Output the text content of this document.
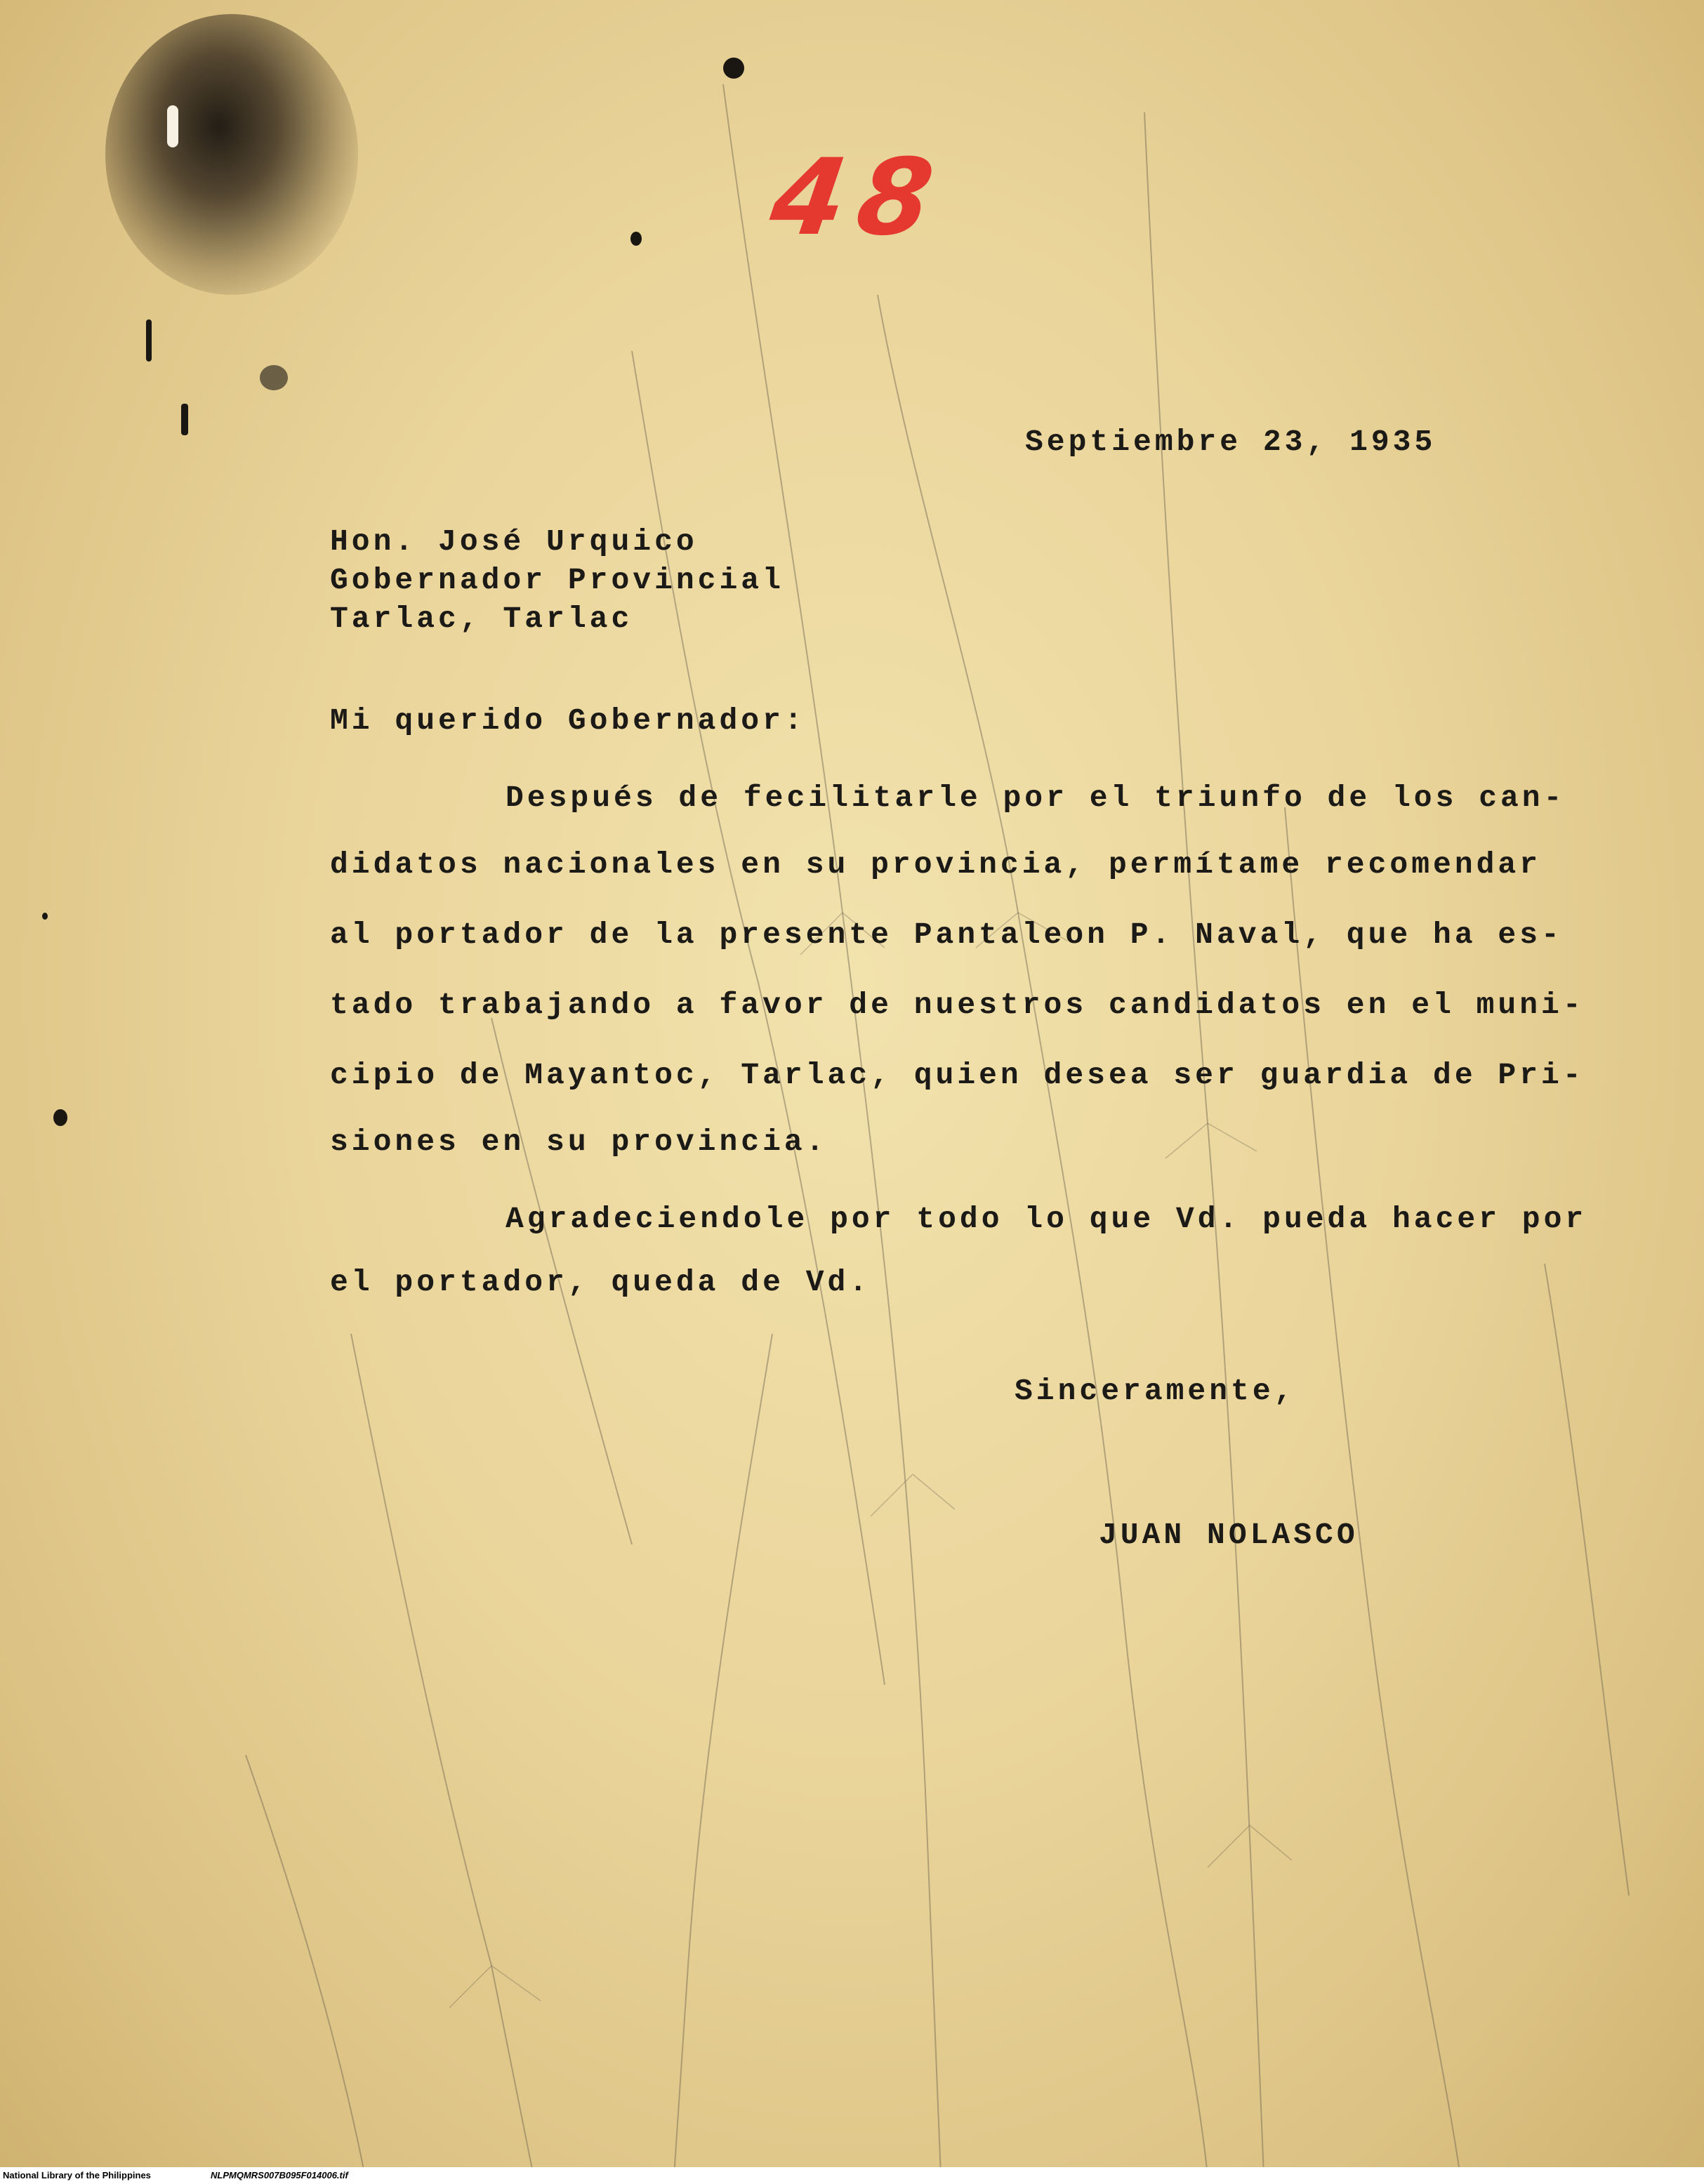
48
Septiembre 23, 1935
Hon. José Urquico
Gobernador Provincial
Tarlac, Tarlac
Mi querido Gobernador:
Después de fecilitarle por el triunfo de los can-
didatos nacionales en su provincia, permítame recomendar
al portador de la presente Pantaleon P. Naval, que ha es-
tado trabajando a favor de nuestros candidatos en el muni-
cipio de Mayantoc, Tarlac, quien desea ser guardia de Pri-
siones en su provincia.
Agradeciendole por todo lo que Vd. pueda hacer por
el portador, queda de Vd.
Sinceramente,
JUAN NOLASCO

National Library of the Philippines

	NLPMQMRS007B095F014006.tif
